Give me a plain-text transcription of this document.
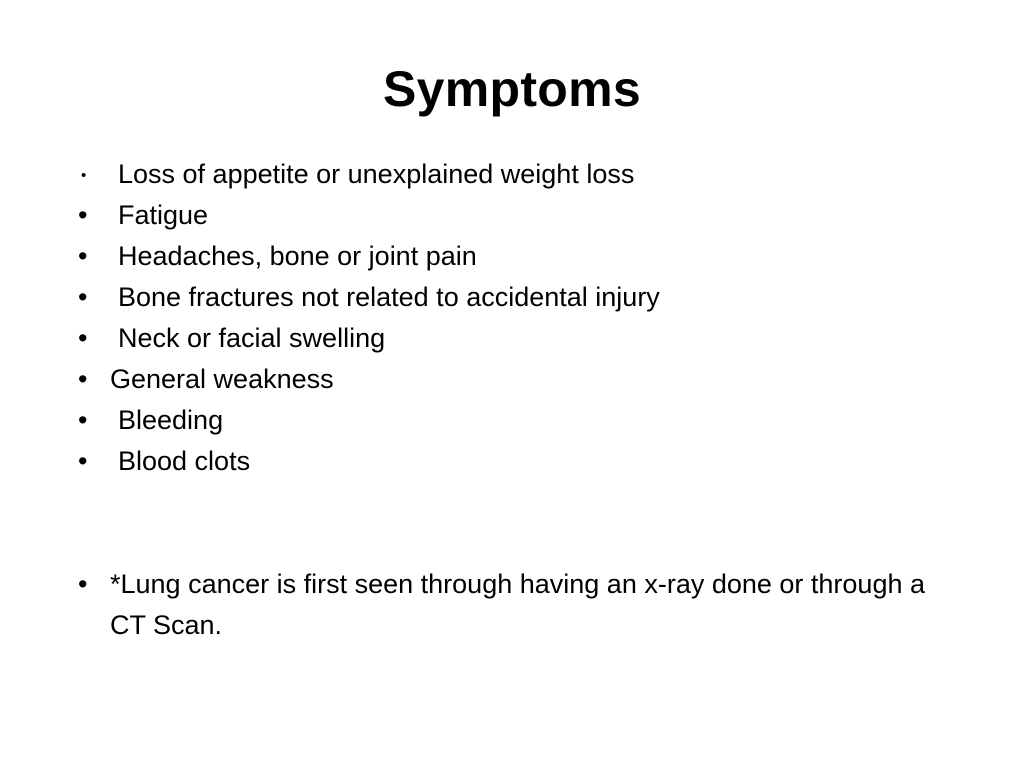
Symptoms
• Loss of appetite or unexplained weight loss
• Fatigue
• Headaches, bone or joint pain
• Bone fractures not related to accidental injury
• Neck or facial swelling
• General weakness
• Bleeding
• Blood clots
• *Lung cancer is first seen through having an x-ray done or through a CT Scan.
